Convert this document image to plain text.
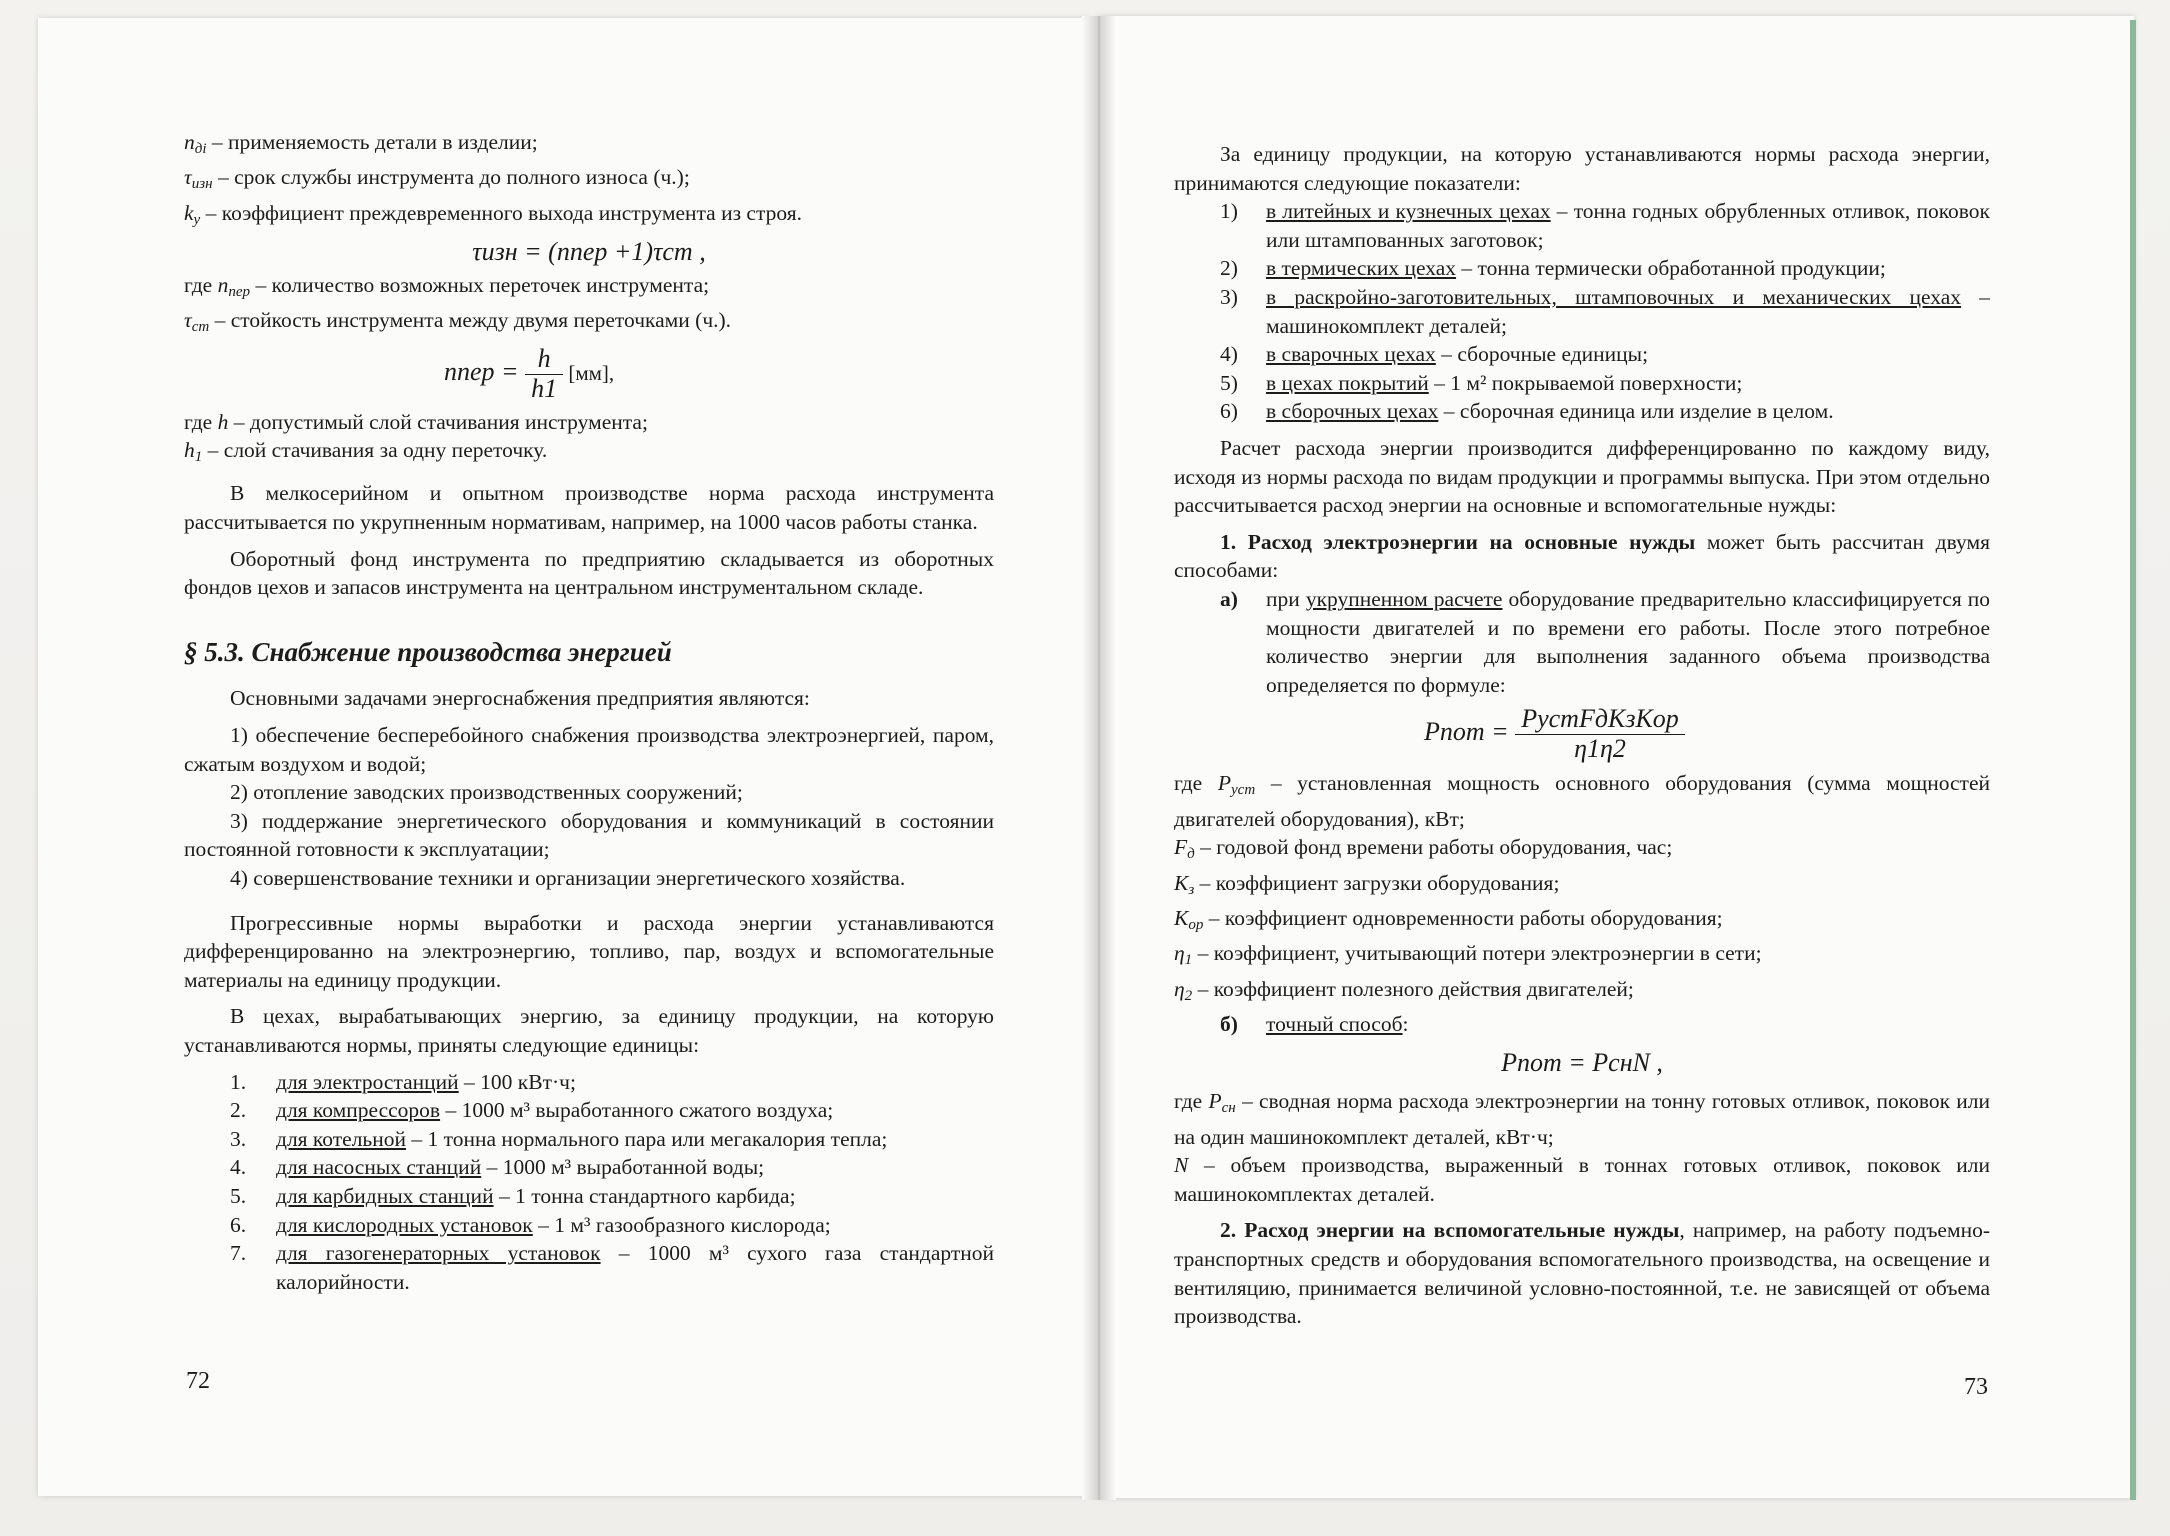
$n_{дi}$ – применяемость детали в изделии;

$\tau_{изн}$ – срок службы инструмента до полного износа (ч.);

$k_y$ – коэффициент преждевременного выхода инструмента из строя.

τизн = (nпер +1)τcm ,

где $n_{пер}$ – количество возможных переточек инструмента;

$\tau_{cm}$ – стойкость инструмента между двумя переточками (ч.).

nпер = $\frac{h}{h1} [мм]$,

где h – допустимый слой стачивания инструмента;

$h_1$ – слой стачивания за одну переточку.

В мелкосерийном и опытном производстве норма расхода инструмента рассчитывается по укрупненным нормативам, например, на 1000 часов работы станка.

Оборотный фонд инструмента по предприятию складывается из оборотных фондов цехов и запасов инструмента на центральном инструментальном складе.

§ 5.3. Снабжение производства энергией

Основными задачами энергоснабжения предприятия являются:

1) обеспечение бесперебойного снабжения производства электроэнергией, паром, сжатым воздухом и водой;

2) отопление заводских производственных сооружений;

3) поддержание энергетического оборудования и коммуникаций в состоянии постоянной готовности к эксплуатации;

4) совершенствование техники и организации энергетического хозяйства.

Прогрессивные нормы выработки и расхода энергии устанавливаются дифференцированно на электроэнергию, топливо, пар, воздух и вспомогательные материалы на единицу продукции.

В цехах, вырабатывающих энергию, за единицу продукции, на которую устанавливаются нормы, приняты следующие единицы:

1. для электростанций – 100 кВт·ч;
2. для компрессоров – 1000 м³ выработанного сжатого воздуха;
3. для котельной – 1 тонна нормального пара или мегакалория тепла;
4. для насосных станций – 1000 м³ выработанной воды;
5. для карбидных станций – 1 тонна стандартного карбида;
6. для кислородных установок – 1 м³ газообразного кислорода;
7. для газогенераторных установок – 1000 м³ сухого газа стандартной калорийности.
72

За единицу продукции, на которую устанавливаются нормы расхода энергии, принимаются следующие показатели:

1) в литейных и кузнечных цехах – тонна годных обрубленных отливок, поковок или штампованных заготовок;
2) в термических цехах – тонна термически обработанной продукции;
3) в раскройно-заготовительных, штамповочных и механических цехах – машинокомплект деталей;
4) в сварочных цехах – сборочные единицы;
5) в цехах покрытий – 1 м² покрываемой поверхности;
6) в сборочных цехах – сборочная единица или изделие в целом.

Расчет расхода энергии производится дифференцированно по каждому виду, исходя из нормы расхода по видам продукции и программы выпуска. При этом отдельно рассчитывается расход энергии на основные и вспомогательные нужды:

1. Расход электроэнергии на основные нужды может быть рассчитан двумя способами:

а) при укрупненном расчете оборудование предварительно классифицируется по мощности двигателей и по времени его работы. После этого потребное количество энергии для выполнения заданного объема производства определяется по формуле:
Pпот = $\frac{\text{PустFдKзKор}}{\eta 1\eta 2}$

где $P_{уст}$ – установленная мощность основного оборудования (сумма мощностей двигателей оборудования), кВт;

$F_д$ – годовой фонд времени работы оборудования, час;

$K_з$ – коэффициент загрузки оборудования;

$K_{ор}$ – коэффициент одновременности работы оборудования;

$\eta_1$ – коэффициент, учитывающий потери электроэнергии в сети;

$\eta_2$ – коэффициент полезного действия двигателей;

б) точный способ:
Pпот = PснN ,

где $P_{сн}$ – сводная норма расхода электроэнергии на тонну готовых отливок, поковок или на один машинокомплект деталей, кВт·ч;

N – объем производства, выраженный в тоннах готовых отливок, поковок или машинокомплектах деталей.

2. Расход энергии на вспомогательные нужды, например, на работу подъемно-транспортных средств и оборудования вспомогательного производства, на освещение и вентиляцию, принимается величиной условно-постоянной, т.е. не зависящей от объема производства.

73
